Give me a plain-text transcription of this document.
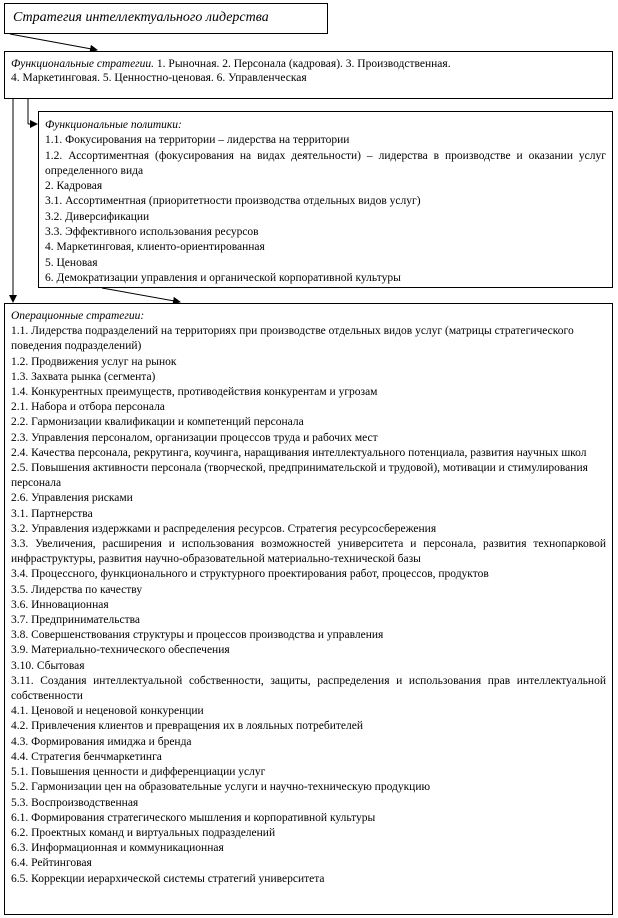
Стратегия интеллектуального лидерства
Функциональные стратегии. 1. Рыночная. 2. Персонала (кадровая). 3. Производственная.
4. Маркетинговая. 5. Ценностно-ценовая. 6. Управленческая
Функциональные политики:
1.1. Фокусирования на территории – лидерства на территории
1.2. Ассортиментная (фокусирования на видах деятельности) – лидерства в производстве и оказании услуг определенного вида
2. Кадровая
3.1. Ассортиментная (приоритетности производства отдельных видов услуг)
3.2. Диверсификации
3.3. Эффективного использования ресурсов
4. Маркетинговая, клиенто-ориентированная
5. Ценовая
6. Демократизации управления и органической корпоративной культуры
Операционные стратегии:
1.1. Лидерства подразделений на территориях при производстве отдельных видов услуг (матрицы стратегического поведения подразделений)
1.2. Продвижения услуг на рынок
1.3. Захвата рынка (сегмента)
1.4. Конкурентных преимуществ, противодействия конкурентам и угрозам
2.1. Набора и отбора персонала
2.2. Гармонизации квалификации и компетенций персонала
2.3. Управления персоналом, организации процессов труда и рабочих мест
2.4. Качества персонала, рекрутинга, коучинга, наращивания интеллектуального потенциала, развития научных школ
2.5. Повышения активности персонала (творческой, предпринимательской и трудовой), мотивации и стимулирования персонала
2.6. Управления рисками
3.1. Партнерства
3.2. Управления издержками и распределения ресурсов. Стратегия ресурсосбережения
3.3. Увеличения, расширения и использования возможностей университета и персонала, развития технопарковой инфраструктуры, развития научно-образовательной материально-технической базы
3.4. Процессного, функционального и структурного проектирования работ, процессов, продуктов
3.5. Лидерства по качеству
3.6. Инновационная
3.7. Предпринимательства
3.8. Совершенствования структуры и процессов производства и управления
3.9. Материально-технического обеспечения
3.10. Сбытовая
3.11. Создания интеллектуальной собственности, защиты, распределения и использования прав интеллектуальной собственности
4.1. Ценовой и неценовой конкуренции
4.2. Привлечения клиентов и превращения их в лояльных потребителей
4.3. Формирования имиджа и бренда
4.4. Стратегия бенчмаркетинга
5.1. Повышения ценности и дифференциации услуг
5.2. Гармонизации цен на образовательные услуги и научно-техническую продукцию
5.3. Воспроизводственная
6.1. Формирования стратегического мышления и корпоративной культуры
6.2. Проектных команд и виртуальных подразделений
6.3. Информационная и коммуникационная
6.4. Рейтинговая
6.5. Коррекции иерархической системы стратегий университета
